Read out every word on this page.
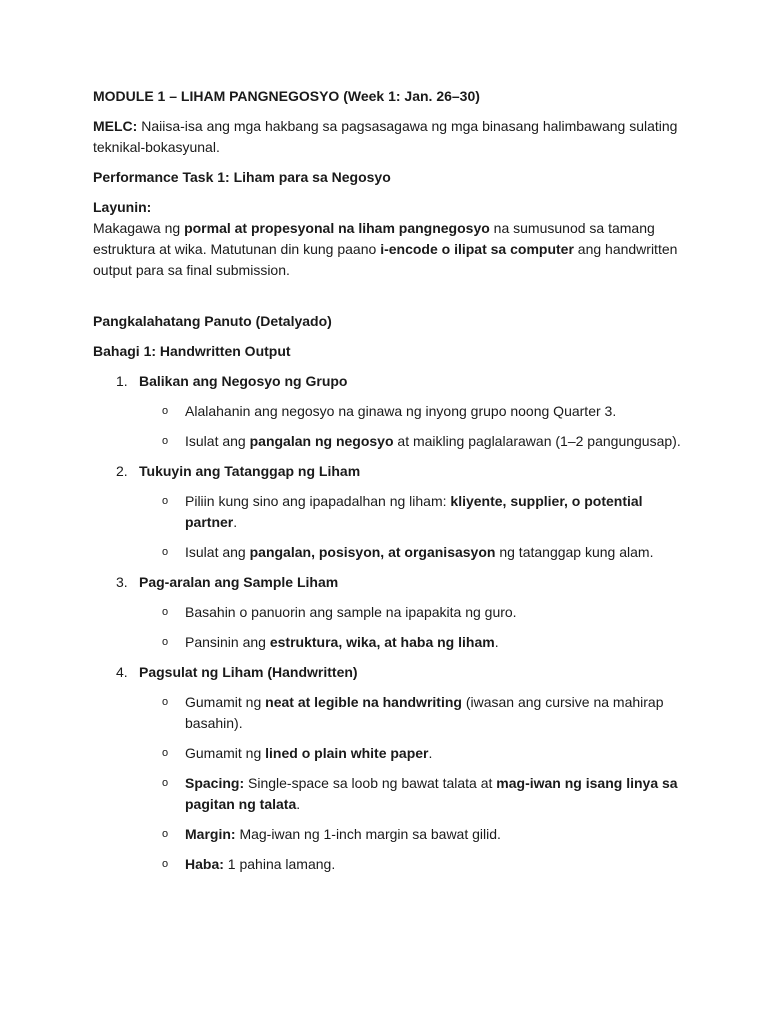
MODULE 1 – LIHAM PANGNEGOSYO (Week 1: Jan. 26–30)

MELC: Naiisa-isa ang mga hakbang sa pagsasagawa ng mga binasang halimbawang sulating teknikal-bokasyunal.

Performance Task 1: Liham para sa Negosyo

Layunin:

Makagawa ng pormal at propesyonal na liham pangnegosyo na sumusunod sa tamang estruktura at wika. Matutunan din kung paano i-encode o ilipat sa computer ang handwritten output para sa final submission.

Pangkalahatang Panuto (Detalyado)

Bahagi 1: Handwritten Output

1. Balikan ang Negosyo ng Grupo
o Alalahanin ang negosyo na ginawa ng inyong grupo noong Quarter 3.
o Isulat ang pangalan ng negosyo at maikling paglalarawan (1–2 pangungusap).
2. Tukuyin ang Tatanggap ng Liham
o Piliin kung sino ang ipapadalhan ng liham: kliyente, supplier, o potential partner.
o Isulat ang pangalan, posisyon, at organisasyon ng tatanggap kung alam.
3. Pag-aralan ang Sample Liham
o Basahin o panuorin ang sample na ipapakita ng guro.
o Pansinin ang estruktura, wika, at haba ng liham.
4. Pagsulat ng Liham (Handwritten)
o Gumamit ng neat at legible na handwriting (iwasan ang cursive na mahirap basahin).
o Gumamit ng lined o plain white paper.
o Spacing: Single-space sa loob ng bawat talata at mag-iwan ng isang linya sa pagitan ng talata.
o Margin: Mag-iwan ng 1-inch margin sa bawat gilid.
o Haba: 1 pahina lamang.
